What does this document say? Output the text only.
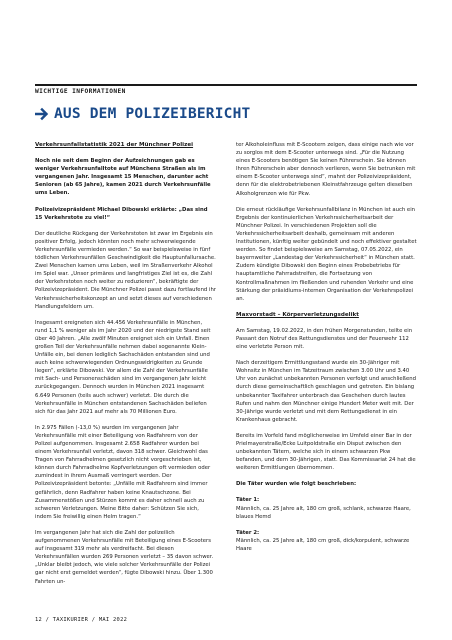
WICHTIGE INFORMATIONEN
AUS DEM POLIZEIBERICHT
Verkehrsunfallstatistik 2021 der Münchner Polizei

Noch nie seit dem Beginn der Aufzeichnungen gab es weniger Verkehrsunfalltote auf Münchens Straßen als im vergangenen Jahr. Insgesamt 15 Menschen, darunter acht Senioren (ab 65 Jahre), kamen 2021 durch Verkehrsunfälle ums Leben.

Polizeivizepräsident Michael Dibowski erklärte: „Das sind 15 Verkehrstote zu viel!“

Der deutliche Rückgang der Verkehrstoten ist zwar im Ergebnis ein positiver Erfolg, jedoch könnten noch mehr schwerwiegende Verkehrsunfälle vermieden werden.“ So war beispielsweise in fünf tödlichen Verkehrsunfällen Geschwindigkeit die Hauptunfallursache. Zwei Menschen kamen ums Leben, weil im Straßenverkehr Alkohol im Spiel war. „Unser primäres und langfristiges Ziel ist es, die Zahl der Verkehrstoten noch weiter zu reduzieren“, bekräftigte der Polizeivizepräsident. Die Münchner Polizei passt dazu fortlaufend ihr Verkehrssicherheitskonzept an und setzt dieses auf verschiedenen Handlungsfeldern um.

Insgesamt ereigneten sich 44.456 Verkehrsunfälle in München, rund 1,1 % weniger als im Jahr 2020 und der niedrigste Stand seit über 40 Jahren. „Alle zwölf Minuten ereignet sich ein Unfall. Einen großen Teil der Verkehrsunfälle nehmen dabei sogenannte Klein-Unfälle ein, bei denen lediglich Sachschäden entstanden sind und auch keine schwerwiegenden Ordnungswidrigkeiten zu Grunde liegen“, erklärte Dibowski. Vor allem die Zahl der Verkehrsunfälle mit Sach- und Personenschäden sind im vergangenen Jahr leicht zurückgegangen. Dennoch wurden in München 2021 insgesamt 6.649 Personen (teils auch schwer) verletzt. Die durch die Verkehrsunfälle in München entstandenen Sachschäden beliefen sich für das Jahr 2021 auf mehr als 70 Millionen Euro.

In 2.975 Fällen (-13,0 %) wurden im vergangenen Jahr Verkehrsunfälle mit einer Beteiligung von Radfahrern von der Polizei aufgenommen. Insgesamt 2.658 Radfahrer wurden bei einem Verkehrsunfall verletzt, davon 318 schwer. Gleichwohl das Tragen von Fahrradhelmen gesetzlich nicht vorgeschrieben ist, können durch Fahrradhelme Kopfverletzungen oft vermieden oder zumindest in ihrem Ausmaß verringert werden. Der Polizeivizepräsident betonte: „Unfälle mit Radfahrern sind immer gefährlich, denn Radfahrer haben keine Knautschzone. Bei Zusammenstößen und Stürzen kommt es daher schnell auch zu schweren Verletzungen. Meine Bitte daher: Schützen Sie sich, indem Sie freiwillig einen Helm tragen.“

Im vergangenen Jahr hat sich die Zahl der polizeilich aufgenommenen Verkehrsunfälle mit Beteiligung eines E-Scooters auf insgesamt 319 mehr als verdreifacht. Bei diesen Verkehrsunfällen wurden 269 Personen verletzt – 35 davon schwer. „Unklar bleibt jedoch, wie viele solcher Verkehrsunfälle der Polizei gar nicht erst gemeldet werden“, fügte Dibowski hinzu. Über 1.300 Fahrten un-

ter Alkoholeinfluss mit E-Scootern zeigen, dass einige nach wie vor zu sorglos mit dem E-Scooter unterwegs sind. „Für die Nutzung eines E-Scooters benötigen Sie keinen Führerschein. Sie können Ihren Führerschein aber dennoch verlieren, wenn Sie betrunken mit einem E-Scooter unterwegs sind“, mahnt der Polizeivizepräsident, denn für die elektrobetriebenen Kleinstfahrzeuge gelten dieselben Alkoholgrenzen wie für Pkw.

Die erneut rückläufige Verkehrsunfallbilanz in München ist auch ein Ergebnis der kontinuierlichen Verkehrssicherheitsarbeit der Münchner Polizei. In verschiedenen Projekten soll die Verkehrssicherheitsarbeit deshalb, gemeinsam mit anderen Institutionen, künftig weiter gebündelt und noch effektiver gestaltet werden. So findet beispielsweise am Samstag, 07.05.2022, ein bayernweiter „Landestag der Verkehrssicherheit“ in München statt. Zudem kündigte Dibowski den Beginn eines Probebetriebs für hauptamtliche Fahrradstreifen, die Fortsetzung von Kontrollmaßnahmen im fließenden und ruhenden Verkehr und eine Stärkung der präsidiums-internen Organisation der Verkehrspolizei an.

Maxvorstadt – Körperverletzungsdelikt

Am Samstag, 19.02.2022, in den frühen Morgenstunden, teilte ein Passant den Notruf des Rettungsdienstes und der Feuerwehr 112 eine verletzte Person mit.

Nach derzeitigem Ermittlungsstand wurde ein 30-Jähriger mit Wohnsitz in München im Tatzeitraum zwischen 3.00 Uhr und 3.40 Uhr von zunächst unbekannten Personen verfolgt und anschließend durch diese gemeinschaftlich geschlagen und getreten. Ein bislang unbekannter Taxifahrer unterbrach das Geschehen durch lautes Rufen und nahm den Münchner einige Hundert Meter weit mit. Der 30-Jährige wurde verletzt und mit dem Rettungsdienst in ein Krankenhaus gebracht.

Bereits im Vorfeld fand möglicherweise im Umfeld einer Bar in der Prielmayerstraße/Ecke Luitpoldstraße ein Disput zwischen den unbekannten Tätern, welche sich in einem schwarzen Pkw befanden, und dem 30-Jährigen, statt. Das Kommissariat 24 hat die weiteren Ermittlungen übernommen.

Die Täter wurden wie folgt beschrieben:

Täter 1:

Männlich, ca. 25 Jahre alt, 180 cm groß, schlank, schwarze Haare, blaues Hemd

Täter 2:

Männlich, ca. 25 Jahre alt, 180 cm groß, dick/korpulent, schwarze Haare

12 / TAXIKURIER / MAI 2022
